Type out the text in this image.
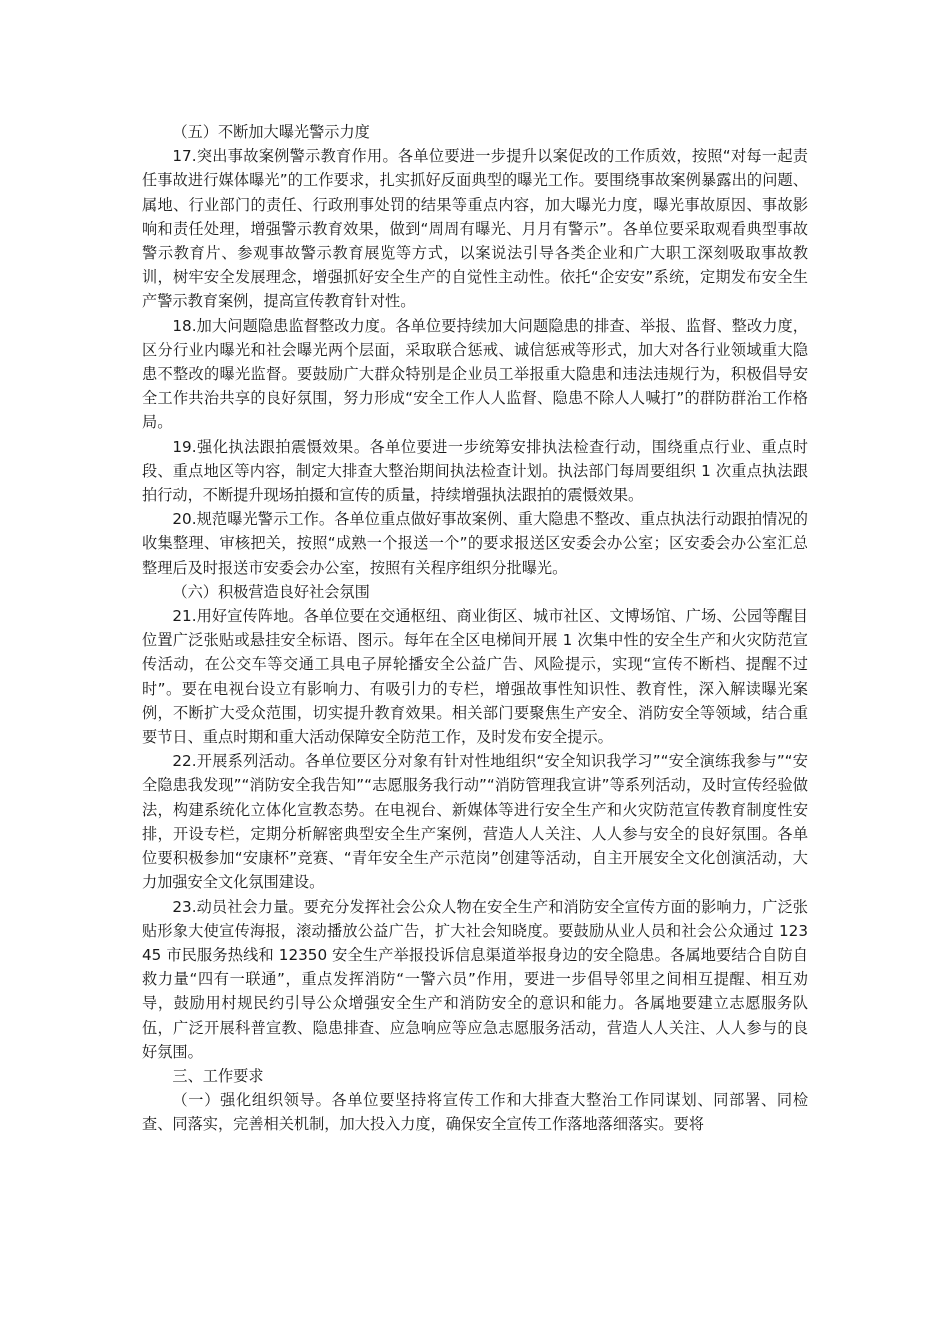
（五）不断加大曝光警示力度

17.突出事故案例警示教育作用。各单位要进一步提升以案促改的工作质效，按照“对每一起责任事故进行媒体曝光”的工作要求，扎实抓好反面典型的曝光工作。要围绕事故案例暴露出的问题、属地、行业部门的责任、行政刑事处罚的结果等重点内容，加大曝光力度，曝光事故原因、事故影响和责任处理，增强警示教育效果，做到“周周有曝光、月月有警示”。各单位要采取观看典型事故警示教育片、参观事故警示教育展览等方式，以案说法引导各类企业和广大职工深刻吸取事故教训，树牢安全发展理念，增强抓好安全生产的自觉性主动性。依托“企安安”系统，定期发布安全生产警示教育案例，提高宣传教育针对性。

18.加大问题隐患监督整改力度。各单位要持续加大问题隐患的排查、举报、监督、整改力度，区分行业内曝光和社会曝光两个层面，采取联合惩戒、诚信惩戒等形式，加大对各行业领域重大隐患不整改的曝光监督。要鼓励广大群众特别是企业员工举报重大隐患和违法违规行为，积极倡导安全工作共治共享的良好氛围，努力形成“安全工作人人监督、隐患不除人人喊打”的群防群治工作格局。

19.强化执法跟拍震慑效果。各单位要进一步统筹安排执法检查行动，围绕重点行业、重点时段、重点地区等内容，制定大排查大整治期间执法检查计划。执法部门每周要组织 1 次重点执法跟拍行动，不断提升现场拍摄和宣传的质量，持续增强执法跟拍的震慑效果。

20.规范曝光警示工作。各单位重点做好事故案例、重大隐患不整改、重点执法行动跟拍情况的收集整理、审核把关，按照“成熟一个报送一个”的要求报送区安委会办公室；区安委会办公室汇总整理后及时报送市安委会办公室，按照有关程序组织分批曝光。

（六）积极营造良好社会氛围

21.用好宣传阵地。各单位要在交通枢纽、商业街区、城市社区、文博场馆、广场、公园等醒目位置广泛张贴或悬挂安全标语、图示。每年在全区电梯间开展 1 次集中性的安全生产和火灾防范宣传活动，在公交车等交通工具电子屏轮播安全公益广告、风险提示，实现“宣传不断档、提醒不过时”。要在电视台设立有影响力、有吸引力的专栏，增强故事性知识性、教育性，深入解读曝光案例，不断扩大受众范围，切实提升教育效果。相关部门要聚焦生产安全、消防安全等领域，结合重要节日、重点时期和重大活动保障安全防范工作，及时发布安全提示。

22.开展系列活动。各单位要区分对象有针对性地组织“安全知识我学习”“安全演练我参与”“安全隐患我发现”“消防安全我告知”“志愿服务我行动”“消防管理我宣讲”等系列活动，及时宣传经验做法，构建系统化立体化宣教态势。在电视台、新媒体等进行安全生产和火灾防范宣传教育制度性安排，开设专栏，定期分析解密典型安全生产案例，营造人人关注、人人参与安全的良好氛围。各单位要积极参加“安康杯”竞赛、“青年安全生产示范岗”创建等活动，自主开展安全文化创演活动，大力加强安全文化氛围建设。

23.动员社会力量。要充分发挥社会公众人物在安全生产和消防安全宣传方面的影响力，广泛张贴形象大使宣传海报，滚动播放公益广告，扩大社会知晓度。要鼓励从业人员和社会公众通过 12345 市民服务热线和 12350 安全生产举报投诉信息渠道举报身边的安全隐患。各属地要结合自防自救力量“四有一联通”，重点发挥消防“一警六员”作用，要进一步倡导邻里之间相互提醒、相互劝导，鼓励用村规民约引导公众增强安全生产和消防安全的意识和能力。各属地要建立志愿服务队伍，广泛开展科普宣教、隐患排查、应急响应等应急志愿服务活动，营造人人关注、人人参与的良好氛围。

三、工作要求

（一）强化组织领导。各单位要坚持将宣传工作和大排查大整治工作同谋划、同部署、同检查、同落实，完善相关机制，加大投入力度，确保安全宣传工作落地落细落实。要将
